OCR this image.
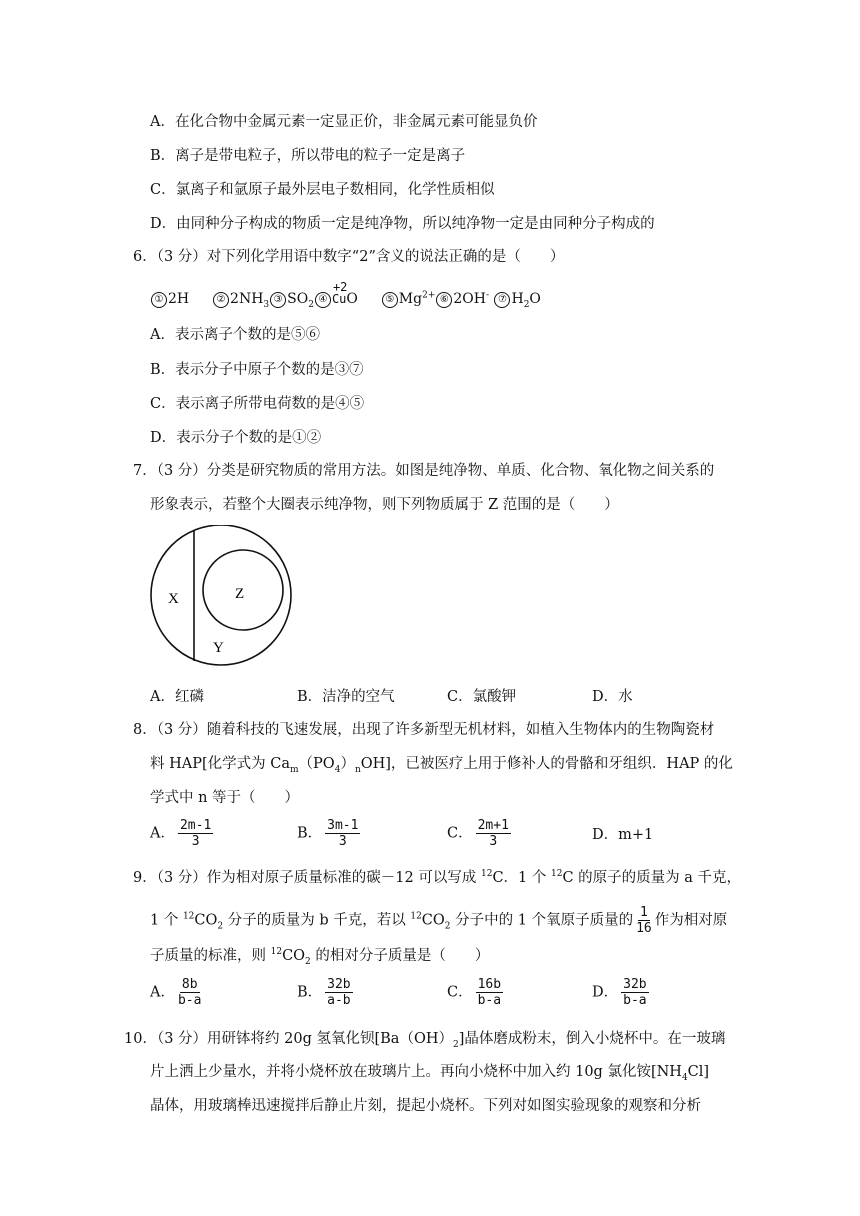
A．在化合物中金属元素一定显正价，非金属元素可能显负价
B．离子是带电粒子，所以带电的粒子一定是离子
C．氯离子和氩原子最外层电子数相同，化学性质相似
D．由同种分子构成的物质一定是纯净物，所以纯净物一定是由同种分子构成的
6．（3 分）对下列化学用语中数字“2”含义的说法正确的是（　　）
① 2H	② $2NH_3$ ③ $SO_2$ ④
+2
CuO	⑤ $Mg^{2+}$ ⑥ 2OH- ⑦ $H_2O$
A．表示离子个数的是⑤⑥
B．表示分子中原子个数的是③⑦
C．表示离子所带电荷数的是④⑤
D．表示分子个数的是①②
7．（3 分）分类是研究物质的常用方法。如图是纯净物、单质、化合物、氧化物之间关系的
形象表示，若整个大圈表示纯净物，则下列物质属于 Z 范围的是（　　）
X	Z
Y
A．红磷	B．洁净的空气	C．氯酸钾	D．水
8．（3 分）随着科技的飞速发展，出现了许多新型无机材料，如植入生物体内的生物陶瓷材
料 HAP[化学式为 $Ca_m(PO_4)_nOH$]，已被医疗上用于修补人的骨骼和牙组织．HAP 的化
学式中 n 等于（　　）
A． $\frac{2m-1}{3}$	B． $\frac{3m-1}{3}$	C． $\frac{2m+1}{3}$	D．m+1
9．（3 分）作为相对原子质量标准的碳－12 可以写成 $^{12}$C．1 个 $^{12}$C 的原子的质量为 a 千克，
1 个 $^{12}CO_2$ 分子的质量为 b 千克，若以 $^{12}CO_2$ 分子中的 1 个氧原子质量的 $\frac{1}{16}$ 作为相对原
子质量的标准，则 $^{12}CO_2$ 的相对分子质量是（　　）
A． $\frac{8b}{b-a}$	B． $\frac{32b}{a-b}$	C． $\frac{16b}{b-a}$	D． $\frac{32b}{b-a}$
10．（3 分）用研钵将约 20g 氢氧化钡$[Ba(OH)_2]$晶体磨成粉末，倒入小烧杯中。在一玻璃
片上洒上少量水，并将小烧杯放在玻璃片上。再向小烧杯中加入约 10g 氯化铵$[NH_4Cl]$
晶体，用玻璃棒迅速搅拌后静止片刻，提起小烧杯。下列对如图实验现象的观察和分析
